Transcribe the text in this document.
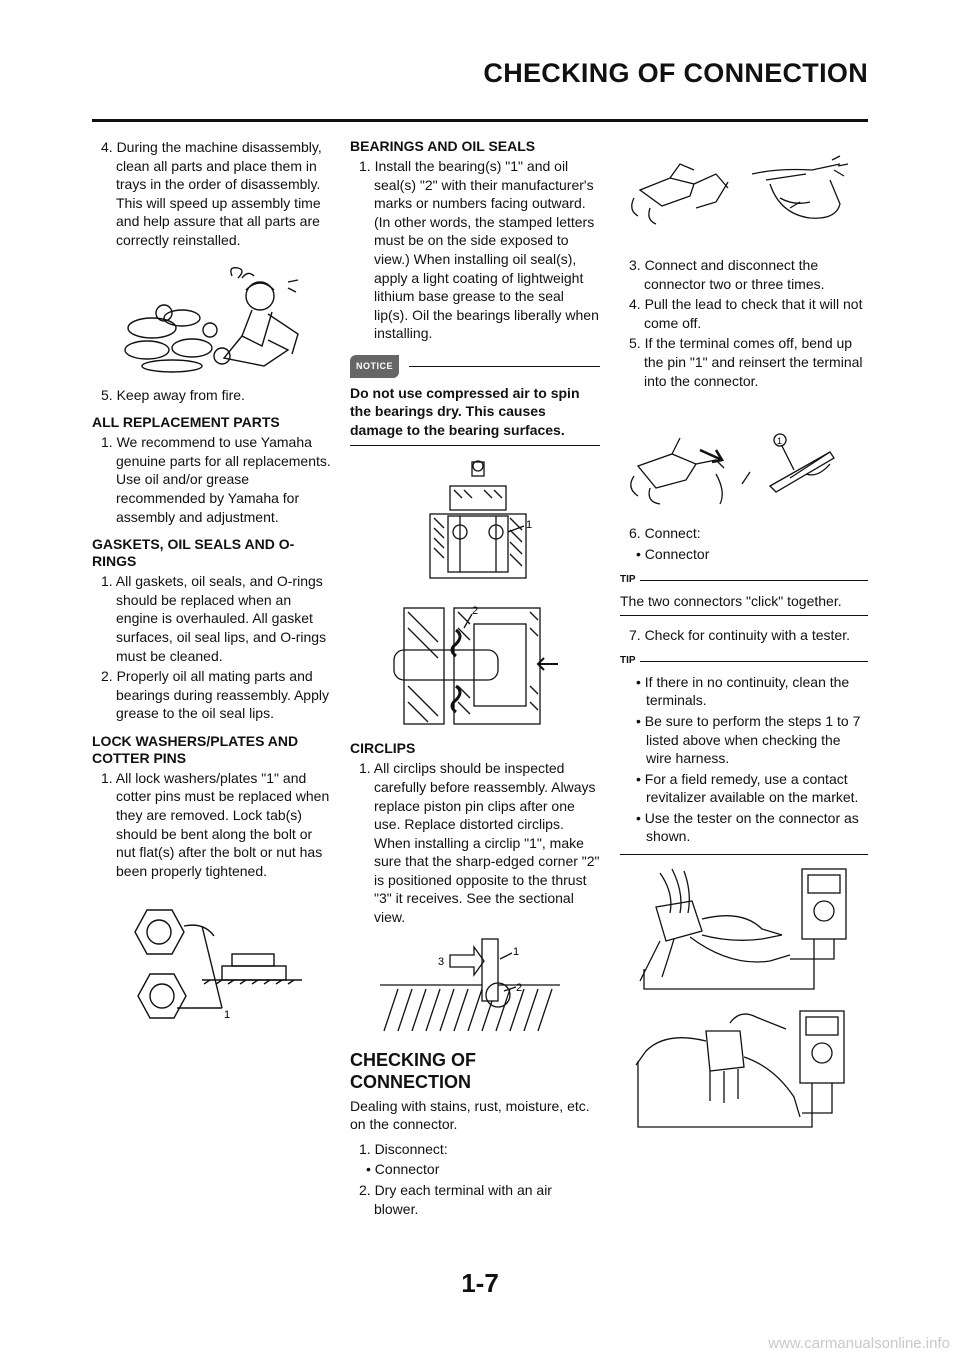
CHECKING OF CONNECTION
4. During the machine disassembly, clean all parts and place them in trays in the order of disassembly. This will speed up assembly time and help assure that all parts are correctly reinstalled.
5. Keep away from fire.
ALL REPLACEMENT PARTS
1. We recommend to use Yamaha genuine parts for all replacements. Use oil and/or grease recommended by Yamaha for assembly and adjustment.
GASKETS, OIL SEALS AND O-RINGS
1. All gaskets, oil seals, and O-rings should be replaced when an engine is overhauled. All gasket surfaces, oil seal lips, and O-rings must be cleaned.
2. Properly oil all mating parts and bearings during reassembly. Apply grease to the oil seal lips.
LOCK WASHERS/PLATES AND COTTER PINS
1. All lock washers/plates "1" and cotter pins must be replaced when they are removed. Lock tab(s) should be bent along the bolt or nut flat(s) after the bolt or nut has been properly tightened.
1
BEARINGS AND OIL SEALS
1. Install the bearing(s) "1" and oil seal(s) "2" with their manufacturer's marks or numbers facing outward. (In other words, the stamped letters must be on the side exposed to view.) When installing oil seal(s), apply a light coating of lightweight lithium base grease to the seal lip(s). Oil the bearings liberally when installing.
NOTICE
Do not use compressed air to spin the bearings dry. This causes damage to the bearing surfaces.
1
2
CIRCLIPS
1. All circlips should be inspected carefully before reassembly. Always replace piston pin clips after one use. Replace distorted circlips. When installing a circlip "1", make sure that the sharp-edged corner "2" is positioned opposite to the thrust "3" it receives. See the sectional view.
1
2
3
CHECKING OF CONNECTION
Dealing with stains, rust, moisture, etc. on the connector.
1. Disconnect:
• Connector
2. Dry each terminal with an air blower.
3. Connect and disconnect the connector two or three times.
4. Pull the lead to check that it will not come off.
5. If the terminal comes off, bend up the pin "1" and reinsert the terminal into the connector.
1
6. Connect:
• Connector
TIP
The two connectors "click" together.
7. Check for continuity with a tester.
TIP
• If there in no continuity, clean the terminals.
• Be sure to perform the steps 1 to 7 listed above when checking the wire harness.
• For a field remedy, use a contact revitalizer available on the market.
• Use the tester on the connector as shown.
1-7
www.carmanualsonline.info
